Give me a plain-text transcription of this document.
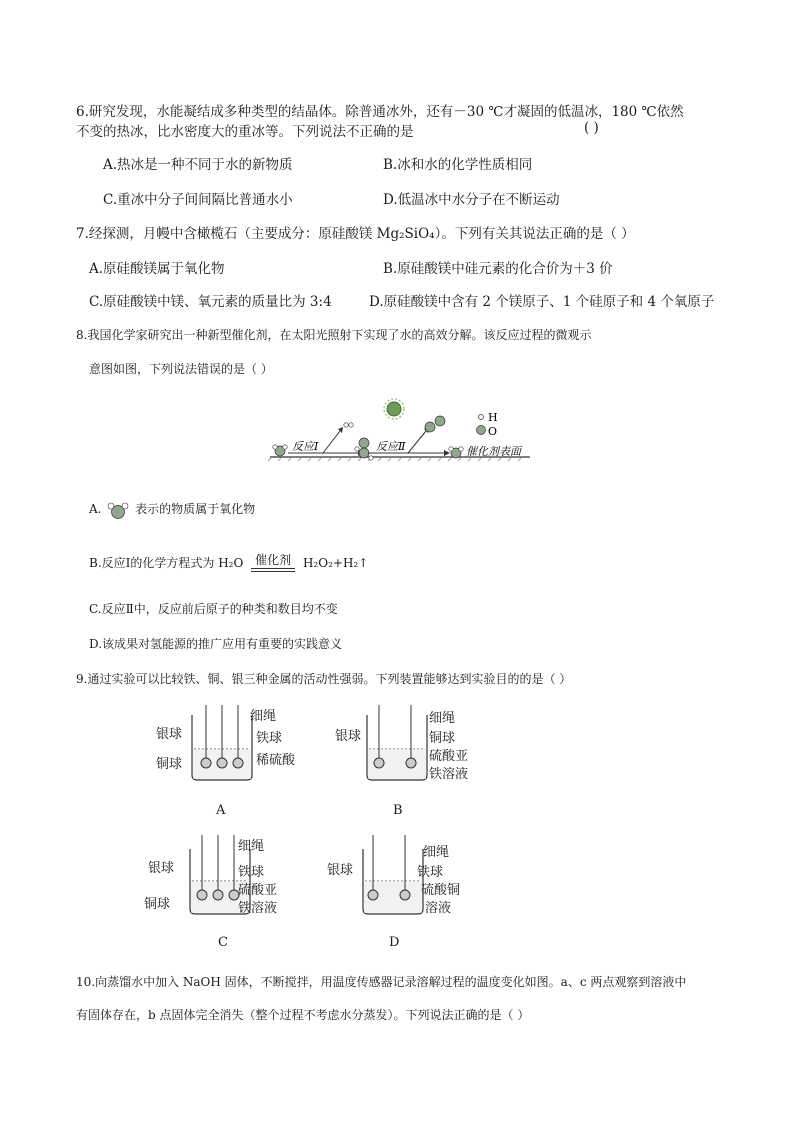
6.研究发现，水能凝结成多种类型的结晶体。除普通冰外，还有－30 ℃才凝固的低温冰，180 ℃依然
不变的热冰，比水密度大的重冰等。下列说法不正确的是	( )
A.热冰是一种不同于水的新物质	B.冰和水的化学性质相同
C.重冰中分子间间隔比普通水小	D.低温冰中水分子在不断运动
7.经探测，月幔中含橄榄石（主要成分：原硅酸镁 Mg₂SiO₄）。下列有关其说法正确的是（ ）
A.原硅酸镁属于氧化物	B.原硅酸镁中硅元素的化合价为＋3 价
C.原硅酸镁中镁、氧元素的质量比为 3:4	D.原硅酸镁中含有 2 个镁原子、1 个硅原子和 4 个氧原子
8.我国化学家研究出一种新型催化剂，在太阳光照射下实现了水的高效分解。该反应过程的微观示
意图如图，下列说法错误的是（ ）
H
O
反应Ⅰ	反应Ⅱ	催化剂表面
A.	表示的物质属于氧化物
B.反应Ⅰ的化学方程式为 H₂O 催化剂 H₂O₂+H₂↑
C.反应Ⅱ中，反应前后原子的种类和数目均不变
D.该成果对氢能源的推广应用有重要的实践意义
9.通过实验可以比较铁、铜、银三种金属的活动性强弱。下列装置能够达到实验目的的是（ ）
银球
铜球
细绳
铁球
稀硫酸
A
银球
细绳
铜球
硫酸亚
铁溶液
B
银球
铜球
细绳
铁球
硫酸亚
铁溶液
C
银球
细绳
铁球
硫酸铜
溶液
D
10.向蒸馏水中加入 NaOH 固体，不断搅拌，用温度传感器记录溶解过程的温度变化如图。a、c 两点观察到溶液中
有固体存在，b 点固体完全消失（整个过程不考虑水分蒸发）。下列说法正确的是（ ）
